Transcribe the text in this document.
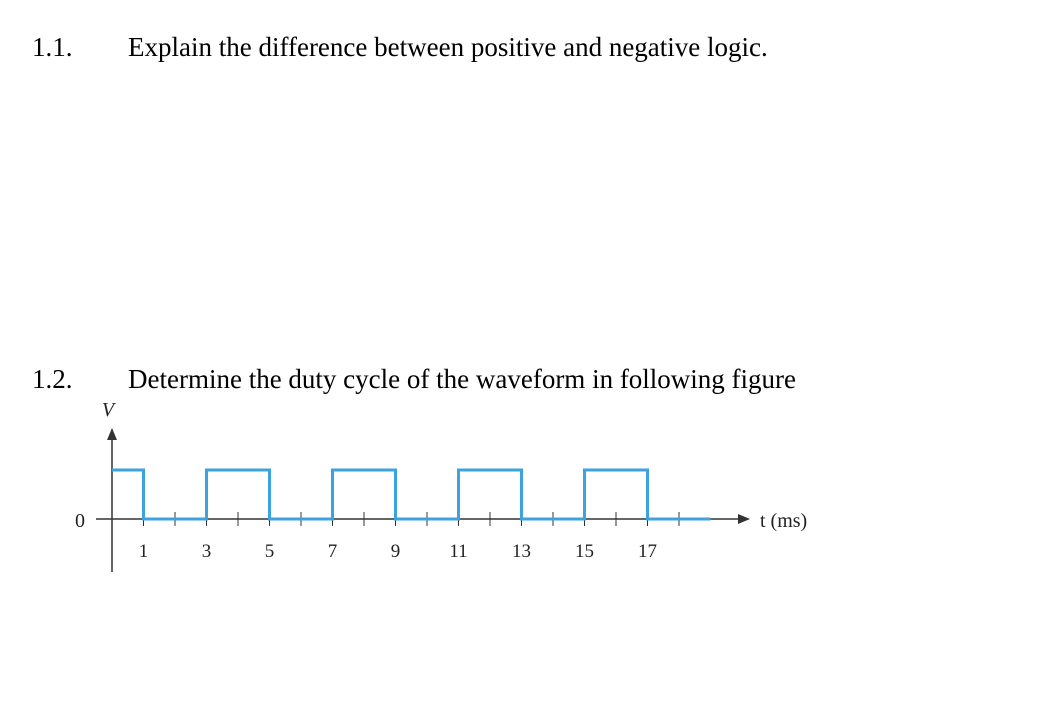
1.1. Explain the difference between positive and negative logic.
1.2. Determine the duty cycle of the waveform in following figure
1	3	5	7	9	11 13 15 17
V
0	t (ms)
